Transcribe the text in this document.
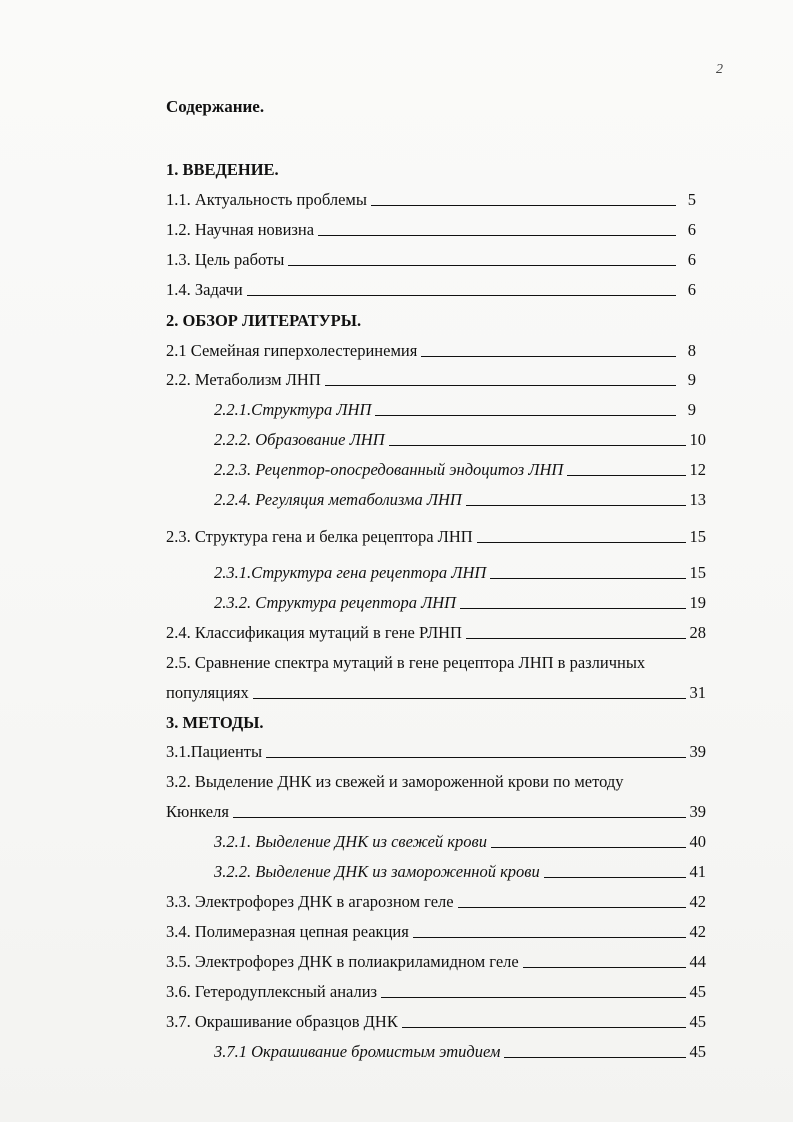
2
Содержание.
1. ВВЕДЕНИЕ.
1.1. Актуальность проблемы	5
1.2. Научная новизна	6
1.3. Цель работы	6
1.4. Задачи	6
2. ОБЗОР ЛИТЕРАТУРЫ.
2.1 Семейная гиперхолестеринемия	8
2.2. Метаболизм ЛНП	9
2.2.1.Структура ЛНП	9
2.2.2. Образование ЛНП	10
2.2.3. Рецептор-опосредованный эндоцитоз ЛНП	12
2.2.4. Регуляция метаболизма ЛНП	13
2.3. Структура гена и белка рецептора ЛНП	15
2.3.1.Структура гена рецептора ЛНП	15
2.3.2. Структура рецептора ЛНП	19
2.4. Классификация мутаций в гене РЛНП	28
2.5. Сравнение спектра мутаций в гене рецептора ЛНП в различных
популяциях	31
3. МЕТОДЫ.
3.1.Пациенты	39
3.2. Выделение ДНК из свежей и замороженной крови по методу
Кюнкеля	39
3.2.1. Выделение ДНК из свежей крови	40
3.2.2. Выделение ДНК из замороженной крови	41
3.3. Электрофорез ДНК в агарозном геле	42
3.4. Полимеразная цепная реакция	42
3.5. Электрофорез ДНК в полиакриламидном геле	44
3.6. Гетеродуплексный анализ	45
3.7. Окрашивание образцов ДНК	45
3.7.1 Окрашивание бромистым этидием	45
